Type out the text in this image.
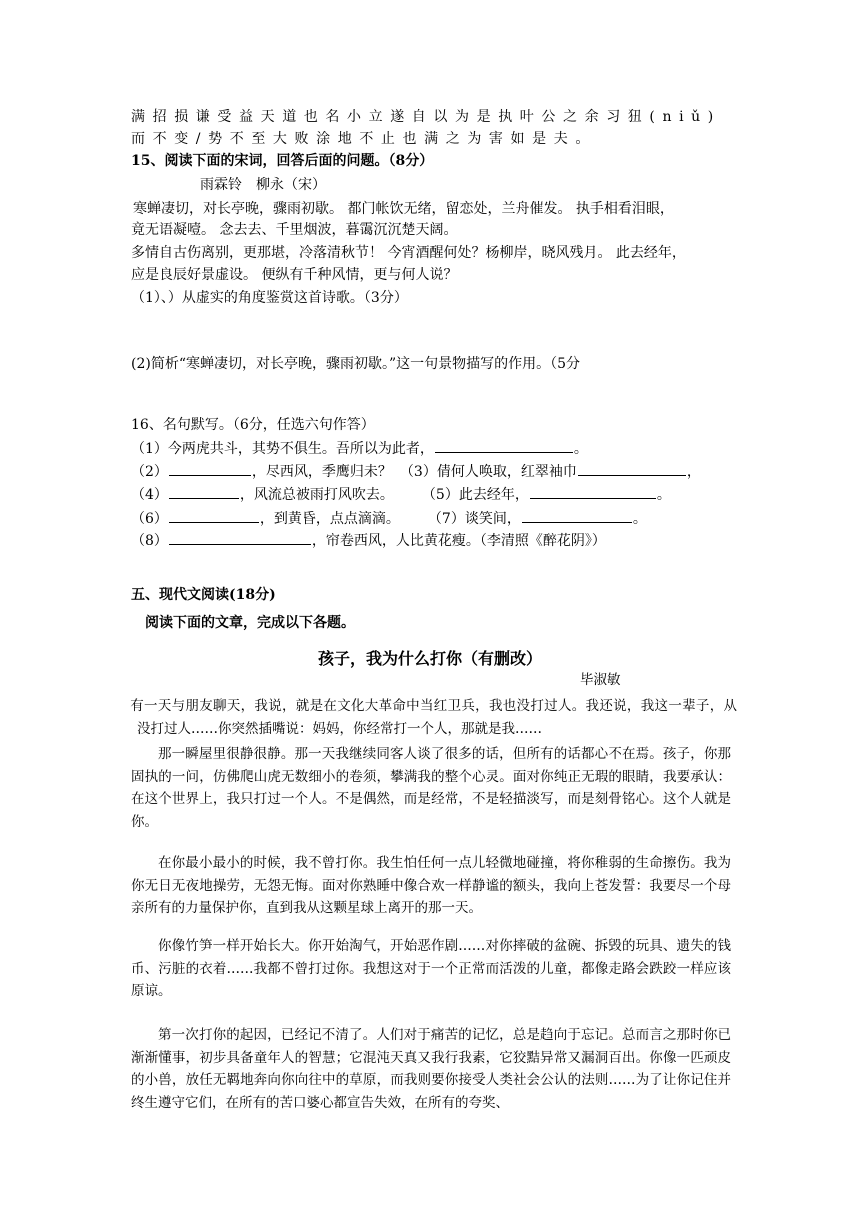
满招损谦受益天道也名小立遂自以为是执叶公之余习狃(niǔ)
而不变/势不至大败涂地不止也满之为害如是夫。
15、阅读下面的宋词，回答后面的问题。（8分）
雨霖铃　柳永（宋）
寒蝉凄切，对长亭晚，骤雨初歇。 都门帐饮无绪，留恋处，兰舟催发。 执手相看泪眼，
竟无语凝噎。 念去去、千里烟波，暮霭沉沉楚天阔。
多情自古伤离别，更那堪，冷落清秋节！ 今宵酒醒何处？杨柳岸，晓风残月。 此去经年，
应是良辰好景虚设。 便纵有千种风情，更与何人说？
（1）、）从虚实的角度鉴赏这首诗歌。（3分）
(2)简析“寒蝉凄切，对长亭晚，骤雨初歇。”这一句景物描写的作用。（5分
16、名句默写。（6分，任选六句作答）
（1）今两虎共斗，其势不俱生。吾所以为此者，	。
（2）	，尽西风，季鹰归未？ （3）倩何人唤取，红翠袖巾	，
（4）	，风流总被雨打风吹去。 （5）此去经年，	。
（6）	，到黄昏，点点滴滴。 （7）谈笑间，	。
（8）	，帘卷西风，人比黄花瘦。（李清照《醉花阴》）
五、现代文阅读(18分)
阅读下面的文章，完成以下各题。
孩子，我为什么打你（有删改）
毕淑敏

有一天与朋友聊天，我说，就是在文化大革命中当红卫兵，我也没打过人。我还说，我这一辈子，从没打过人……你突然插嘴说：妈妈，你经常打一个人，那就是我……

那一瞬屋里很静很静。那一天我继续同客人谈了很多的话，但所有的话都心不在焉。孩子，你那固执的一问，仿佛爬山虎无数细小的卷须，攀满我的整个心灵。面对你纯正无瑕的眼睛，我要承认：在这个世界上，我只打过一个人。不是偶然，而是经常，不是轻描淡写，而是刻骨铭心。这个人就是你。

在你最小最小的时候，我不曾打你。我生怕任何一点儿轻微地碰撞，将你稚弱的生命擦伤。我为你无日无夜地操劳，无怨无悔。面对你熟睡中像合欢一样静谧的额头，我向上苍发誓：我要尽一个母亲所有的力量保护你，直到我从这颗星球上离开的那一天。

你像竹笋一样开始长大。你开始淘气，开始恶作剧……对你摔破的盆碗、拆毁的玩具、遗失的钱币、污脏的衣着……我都不曾打过你。我想这对于一个正常而活泼的儿童，都像走路会跌跤一样应该原谅。

第一次打你的起因，已经记不清了。人们对于痛苦的记忆，总是趋向于忘记。总而言之那时你已渐渐懂事，初步具备童年人的智慧；它混沌天真又我行我素，它狡黠异常又漏洞百出。你像一匹顽皮的小兽，放任无羁地奔向你向往中的草原，而我则要你接受人类社会公认的法则……为了让你记住并终生遵守它们，在所有的苦口婆心都宣告失效，在所有的夸奖、
